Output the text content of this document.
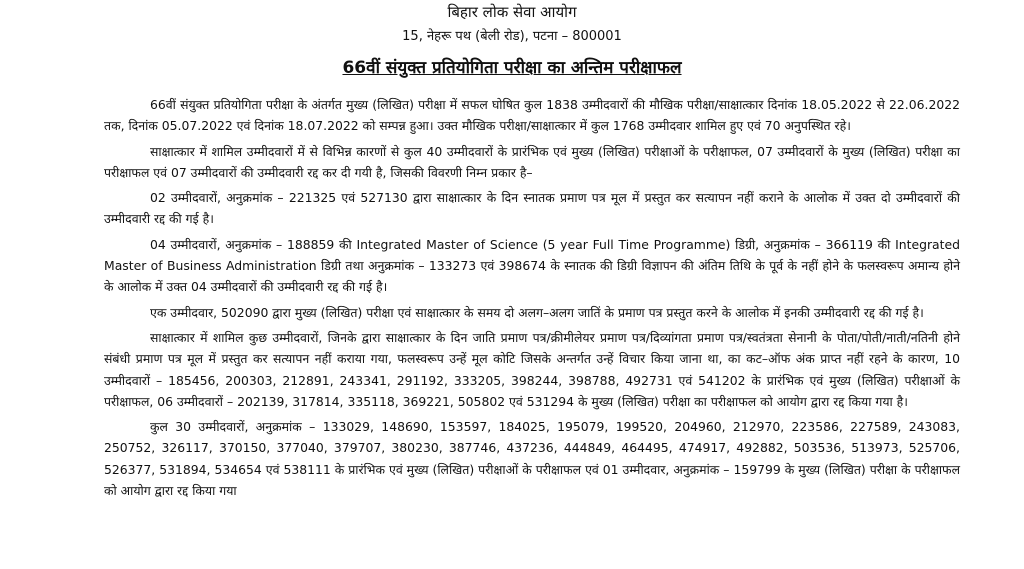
बिहार लोक सेवा आयोग
15, नेहरू पथ (बेली रोड), पटना – 800001
66वीं संयुक्त प्रतियोगिता परीक्षा का अन्तिम परीक्षाफल

66वीं संयुक्त प्रतियोगिता परीक्षा के अंतर्गत मुख्य (लिखित) परीक्षा में सफल घोषित कुल 1838 उम्मीदवारों की मौखिक परीक्षा/साक्षात्कार दिनांक 18.05.2022 से 22.06.2022 तक, दिनांक 05.07.2022 एवं दिनांक 18.07.2022 को सम्पन्न हुआ। उक्त मौखिक परीक्षा/साक्षात्कार में कुल 1768 उम्मीदवार शामिल हुए एवं 70 अनुपस्थित रहे।

साक्षात्कार में शामिल उम्मीदवारों में से विभिन्न कारणों से कुल 40 उम्मीदवारों के प्रारंभिक एवं मुख्य (लिखित) परीक्षाओं के परीक्षाफल, 07 उम्मीदवारों के मुख्य (लिखित) परीक्षा का परीक्षाफल एवं 07 उम्मीदवारों की उम्मीदवारी रद्द कर दी गयी है, जिसकी विवरणी निम्न प्रकार है–

02 उम्मीदवारों, अनुक्रमांक – 221325 एवं 527130 द्वारा साक्षात्कार के दिन स्नातक प्रमाण पत्र मूल में प्रस्तुत कर सत्यापन नहीं कराने के आलोक में उक्त दो उम्मीदवारों की उम्मीदवारी रद्द की गई है।

04 उम्मीदवारों, अनुक्रमांक – 188859 की Integrated Master of Science (5 year Full Time Programme) डिग्री, अनुक्रमांक – 366119 की Integrated Master of Business Administration डिग्री तथा अनुक्रमांक – 133273 एवं 398674 के स्नातक की डिग्री विज्ञापन की अंतिम तिथि के पूर्व के नहीं होने के फलस्वरूप अमान्य होने के आलोक में उक्त 04 उम्मीदवारों की उम्मीदवारी रद्द की गई है।

एक उम्मीदवार, 502090 द्वारा मुख्य (लिखित) परीक्षा एवं साक्षात्कार के समय दो अलग–अलग जातिं के प्रमाण पत्र प्रस्तुत करने के आलोक में इनकी उम्मीदवारी रद्द की गई है।

साक्षात्कार में शामिल कुछ उम्मीदवारों, जिनके द्वारा साक्षात्कार के दिन जाति प्रमाण पत्र/क्रीमीलेयर प्रमाण पत्र/दिव्यांगता प्रमाण पत्र/स्वतंत्रता सेनानी के पोता/पोती/नाती/नतिनी होने संबंधी प्रमाण पत्र मूल में प्रस्तुत कर सत्यापन नहीं कराया गया, फलस्वरूप उन्हें मूल कोटि जिसके अन्तर्गत उन्हें विचार किया जाना था, का कट–ऑफ अंक प्राप्त नहीं रहने के कारण, 10 उम्मीदवारों – 185456, 200303, 212891, 243341, 291192, 333205, 398244, 398788, 492731 एवं 541202 के प्रारंभिक एवं मुख्य (लिखित) परीक्षाओं के परीक्षाफल, 06 उम्मीदवारों – 202139, 317814, 335118, 369221, 505802 एवं 531294 के मुख्य (लिखित) परीक्षा का परीक्षाफल को आयोग द्वारा रद्द किया गया है।

कुल 30 उम्मीदवारों, अनुक्रमांक – 133029, 148690, 153597, 184025, 195079, 199520, 204960, 212970, 223586, 227589, 243083, 250752, 326117, 370150, 377040, 379707, 380230, 387746, 437236, 444849, 464495, 474917, 492882, 503536, 513973, 525706, 526377, 531894, 534654 एवं 538111 के प्रारंभिक एवं मुख्य (लिखित) परीक्षाओं के परीक्षाफल एवं 01 उम्मीदवार, अनुक्रमांक – 159799 के मुख्य (लिखित) परीक्षा के परीक्षाफल को आयोग द्वारा रद्द किया गया
